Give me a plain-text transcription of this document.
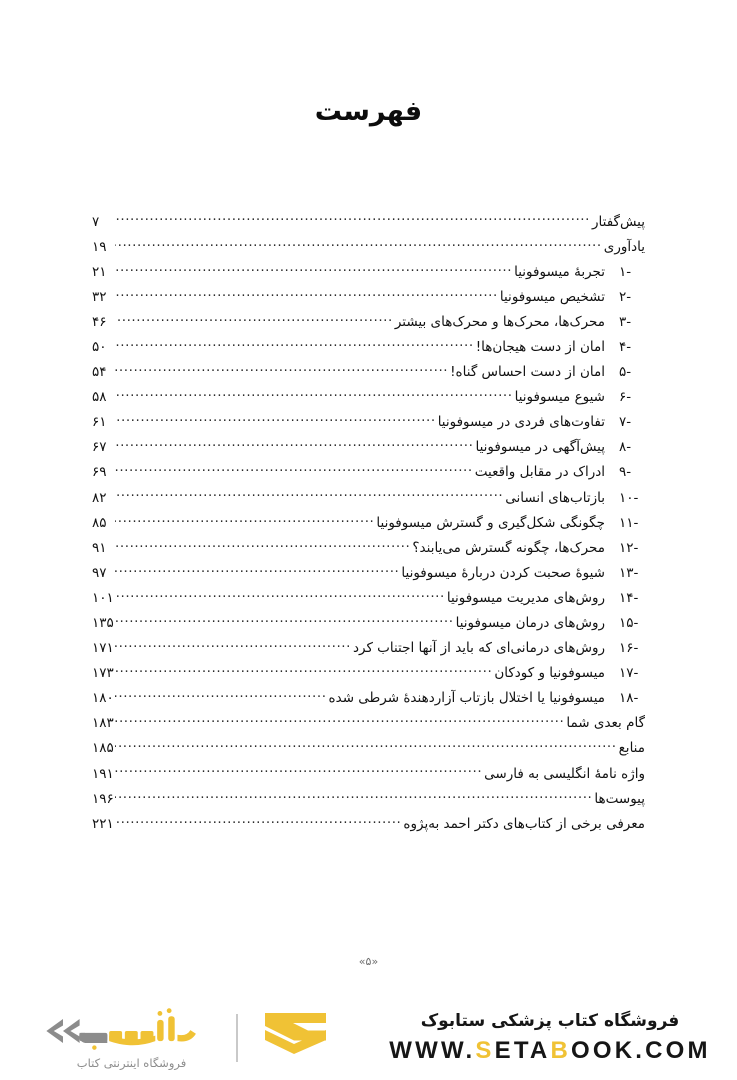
فهرست
پیش‌گفتار
.....
۷
یادآوری
.....
۱۹
۱-
تجربهٔ میسوفونیا
.....
۲۱
۲-
تشخیص میسوفونیا
.....
۳۲
۳-
محرک‌ها، محرک‌ها و محرک‌های بیشتر
.....
۴۶
۴-
امان از دست هیجان‌ها!
.....
۵۰
۵-
امان از دست احساس گناه!
.....
۵۴
۶-
شیوع میسوفونیا
.....
۵۸
۷-
تفاوت‌های فردی در میسوفونیا
.....
۶۱
۸-
پیش‌آگهی در میسوفونیا
.....
۶۷
۹-
ادراک در مقابل واقعیت
.....
۶۹
۱۰-
بازتاب‌های انسانی
.....
۸۲
۱۱-
چگونگی شکل‌گیری و گسترش میسوفونیا
.....
۸۵
۱۲-
محرک‌ها، چگونه گسترش می‌یابند؟
.....
۹۱
۱۳-
شیوهٔ صحبت کردن دربارهٔ میسوفونیا
.....
۹۷
۱۴-
روش‌های مدیریت میسوفونیا
.....
۱۰۱
۱۵-
روش‌های درمان میسوفونیا
.....
۱۳۵
۱۶-
روش‌های درمانی‌ای که باید از آنها اجتناب کرد
.....
۱۷۱
۱۷-
میسوفونیا و کودکان
.....
۱۷۳
۱۸-
میسوفونیا یا اختلال بازتاب آزاردهندهٔ شرطی شده
.....
۱۸۰
گام بعدی شما
.....
۱۸۳
منابع
.....
۱۸۵
واژه نامهٔ انگلیسی به فارسی
.....
۱۹۱
پیوست‌ها
.....
۱۹۶
معرفی برخی از کتاب‌های دکتر احمد به‌پژوه
.....
۲۲۱
«۵»
فروشگاه کتاب پزشکی ستابوک
WWW.SETABOOK.COM
فروشگاه اینترنتی کتاب
